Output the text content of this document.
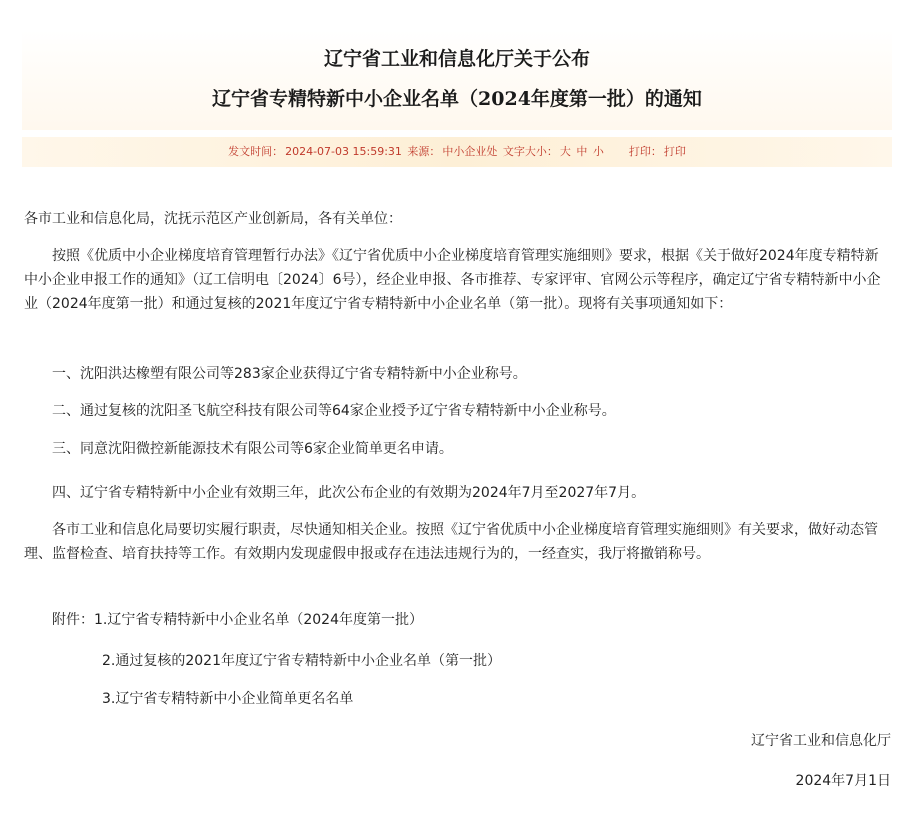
辽宁省工业和信息化厅关于公布
辽宁省专精特新中小企业名单（2024年度第一批）的通知
发文时间： 2024-07-03 15:59:31 来源： 中小企业处 文字大小： 大 中 小 打印： 打印

各市工业和信息化局，沈抚示范区产业创新局，各有关单位：

按照《优质中小企业梯度培育管理暂行办法》《辽宁省优质中小企业梯度培育管理实施细则》要求，根据《关于做好2024年度专精特新中小企业申报工作的通知》（辽工信明电〔2024〕6号），经企业申报、各市推荐、专家评审、官网公示等程序，确定辽宁省专精特新中小企业（2024年度第一批）和通过复核的2021年度辽宁省专精特新中小企业名单（第一批）。现将有关事项通知如下：

一、沈阳洪达橡塑有限公司等283家企业获得辽宁省专精特新中小企业称号。
二、通过复核的沈阳圣飞航空科技有限公司等64家企业授予辽宁省专精特新中小企业称号。
三、同意沈阳微控新能源技术有限公司等6家企业简单更名申请。
四、辽宁省专精特新中小企业有效期三年，此次公布企业的有效期为2024年7月至2027年7月。

各市工业和信息化局要切实履行职责，尽快通知相关企业。按照《辽宁省优质中小企业梯度培育管理实施细则》有关要求，做好动态管理、监督检查、培育扶持等工作。有效期内发现虚假申报或存在违法违规行为的，一经查实，我厅将撤销称号。

附件：1.辽宁省专精特新中小企业名单（2024年度第一批）
2.通过复核的2021年度辽宁省专精特新中小企业名单（第一批）
3.辽宁省专精特新中小企业简单更名名单
辽宁省工业和信息化厅
2024年7月1日
